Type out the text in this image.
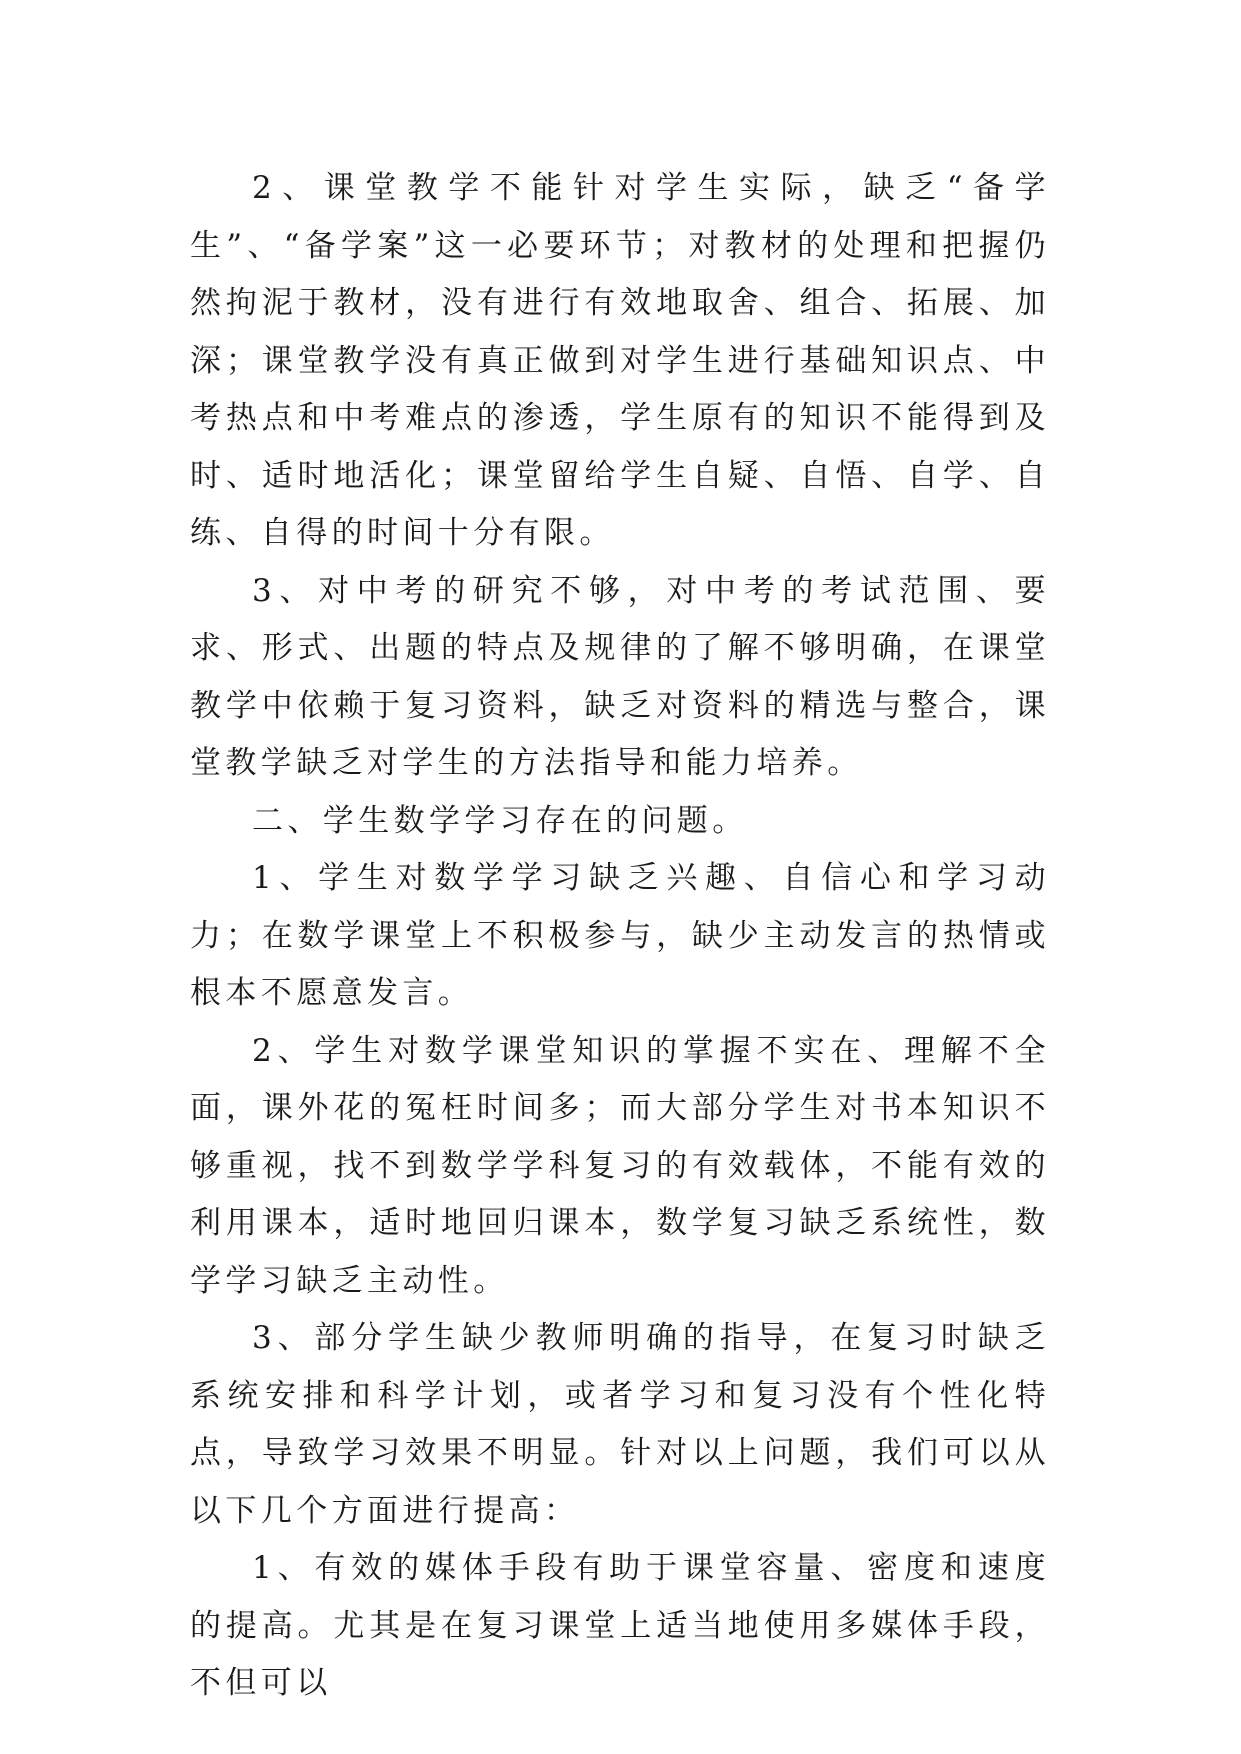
2、课堂教学不能针对学生实际，缺乏“备学生”、“备学案”这一必要环节；对教材的处理和把握仍然拘泥于教材，没有进行有效地取舍、组合、拓展、加深；课堂教学没有真正做到对学生进行基础知识点、中考热点和中考难点的渗透，学生原有的知识不能得到及时、适时地活化；课堂留给学生自疑、自悟、自学、自练、自得的时间十分有限。

3、对中考的研究不够，对中考的考试范围、要求、形式、出题的特点及规律的了解不够明确，在课堂教学中依赖于复习资料，缺乏对资料的精选与整合，课堂教学缺乏对学生的方法指导和能力培养。

二、学生数学学习存在的问题。

1、学生对数学学习缺乏兴趣、自信心和学习动力；在数学课堂上不积极参与，缺少主动发言的热情或根本不愿意发言。

2、学生对数学课堂知识的掌握不实在、理解不全面，课外花的冤枉时间多；而大部分学生对书本知识不够重视，找不到数学学科复习的有效载体，不能有效的利用课本，适时地回归课本，数学复习缺乏系统性，数学学习缺乏主动性。

3、部分学生缺少教师明确的指导，在复习时缺乏系统安排和科学计划，或者学习和复习没有个性化特点，导致学习效果不明显。针对以上问题，我们可以从以下几个方面进行提高：

1、有效的媒体手段有助于课堂容量、密度和速度的提高。尤其是在复习课堂上适当地使用多媒体手段，不但可以
